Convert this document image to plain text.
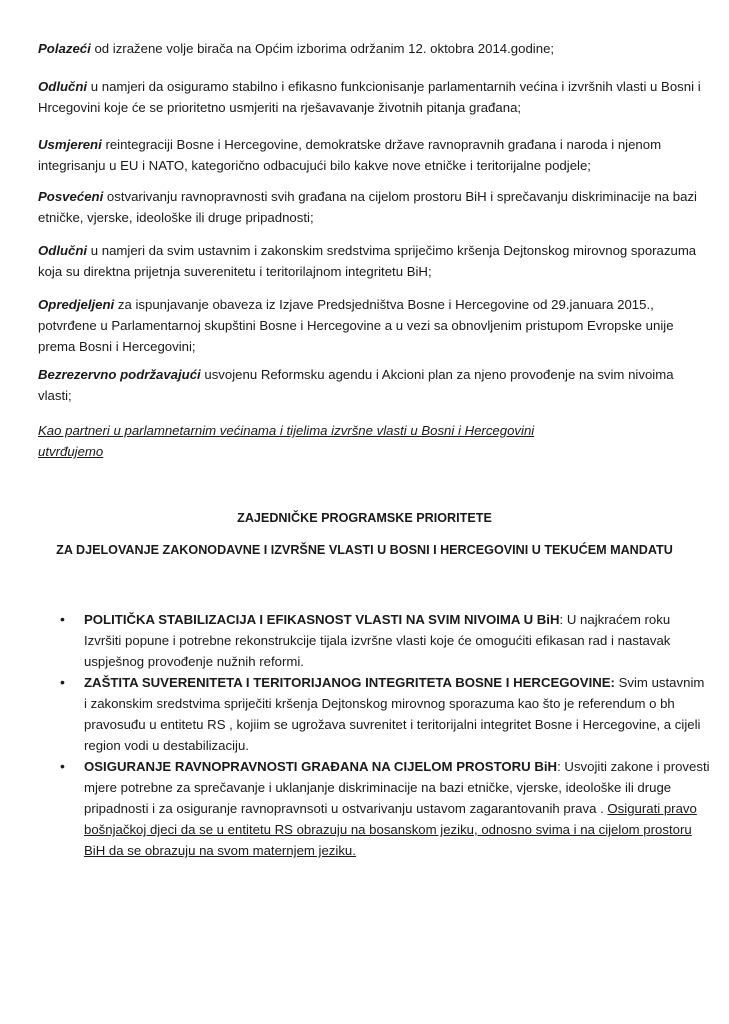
Polazeći od izražene volje birača na Općim izborima održanim 12. oktobra 2014.godine;

Odlučni u namjeri da osiguramo stabilno i efikasno funkcionisanje parlamentarnih većina i izvršnih vlasti u Bosni i Hrcegovini koje će se prioritetno usmjeriti na rješavavanje životnih pitanja građana;

Usmjereni reintegraciji Bosne i Hercegovine, demokratske države ravnopravnih građana i naroda i njenom integrisanju u EU i NATO, kategorično odbacujući bilo kakve nove etničke i teritorijalne podjele;

Posvećeni ostvarivanju ravnopravnosti svih građana na cijelom prostoru BiH i sprečavanju diskriminacije na bazi etničke, vjerske, ideološke ili druge pripadnosti;

Odlučni u namjeri da svim ustavnim i zakonskim sredstvima spriječimo kršenja Dejtonskog mirovnog sporazuma koja su direktna prijetnja suverenitetu i teritorilajnom integritetu BiH;

Opredjeljeni za ispunjavanje obaveza iz Izjave Predsjedništva Bosne i Hercegovine od 29.januara 2015., potvrđene u Parlamentarnoj skupštini Bosne i Hercegovine a u vezi sa obnovljenim pristupom Evropske unije prema Bosni i Hercegovini;

Bezrezervno podržavajući usvojenu Reformsku agendu i Akcioni plan za njeno provođenje na svim nivoima vlasti;

Kao partneri u parlamnetarnim većinama i tijelima izvršne vlasti u Bosni i Hercegovini
utvrđujemo

ZAJEDNIČKE PROGRAMSKE PRIORITETE
ZA DJELOVANJE ZAKONODAVNE I IZVRŠNE VLASTI U BOSNI I HERCEGOVINI U TEKUĆEM MANDATU
• POLITIČKA STABILIZACIJA I EFIKASNOST VLASTI NA SVIM NIVOIMA U BiH: U najkraćem roku Izvršiti popune i potrebne rekonstrukcije tijala izvršne vlasti koje će omogućiti efikasan rad i nastavak uspješnog provođenje nužnih reformi.
• ZAŠTITA SUVERENITETA I TERITORIJANOG INTEGRITETA BOSNE I HERCEGOVINE: Svim ustavnim i zakonskim sredstvima spriječiti kršenja Dejtonskog mirovnog sporazuma kao što je referendum o bh pravosuđu u entitetu RS , kojiim se ugrožava suvrenitet i teritorijalni integritet Bosne i Hercegovine, a cijeli region vodi u destabilizaciju.
• OSIGURANJE RAVNOPRAVNOSTI GRAĐANA NA CIJELOM PROSTORU BiH: Usvojiti zakone i provesti mjere potrebne za sprečavanje i uklanjanje diskriminacije na bazi etničke, vjerske, ideološke ili druge pripadnosti i za osiguranje ravnopravnsoti u ostvarivanju ustavom zagarantovanih prava . Osigurati pravo bošnjačkoj djeci da se u entitetu RS obrazuju na bosanskom jeziku, odnosno svima i na cijelom prostoru BiH da se obrazuju na svom maternjem jeziku.
